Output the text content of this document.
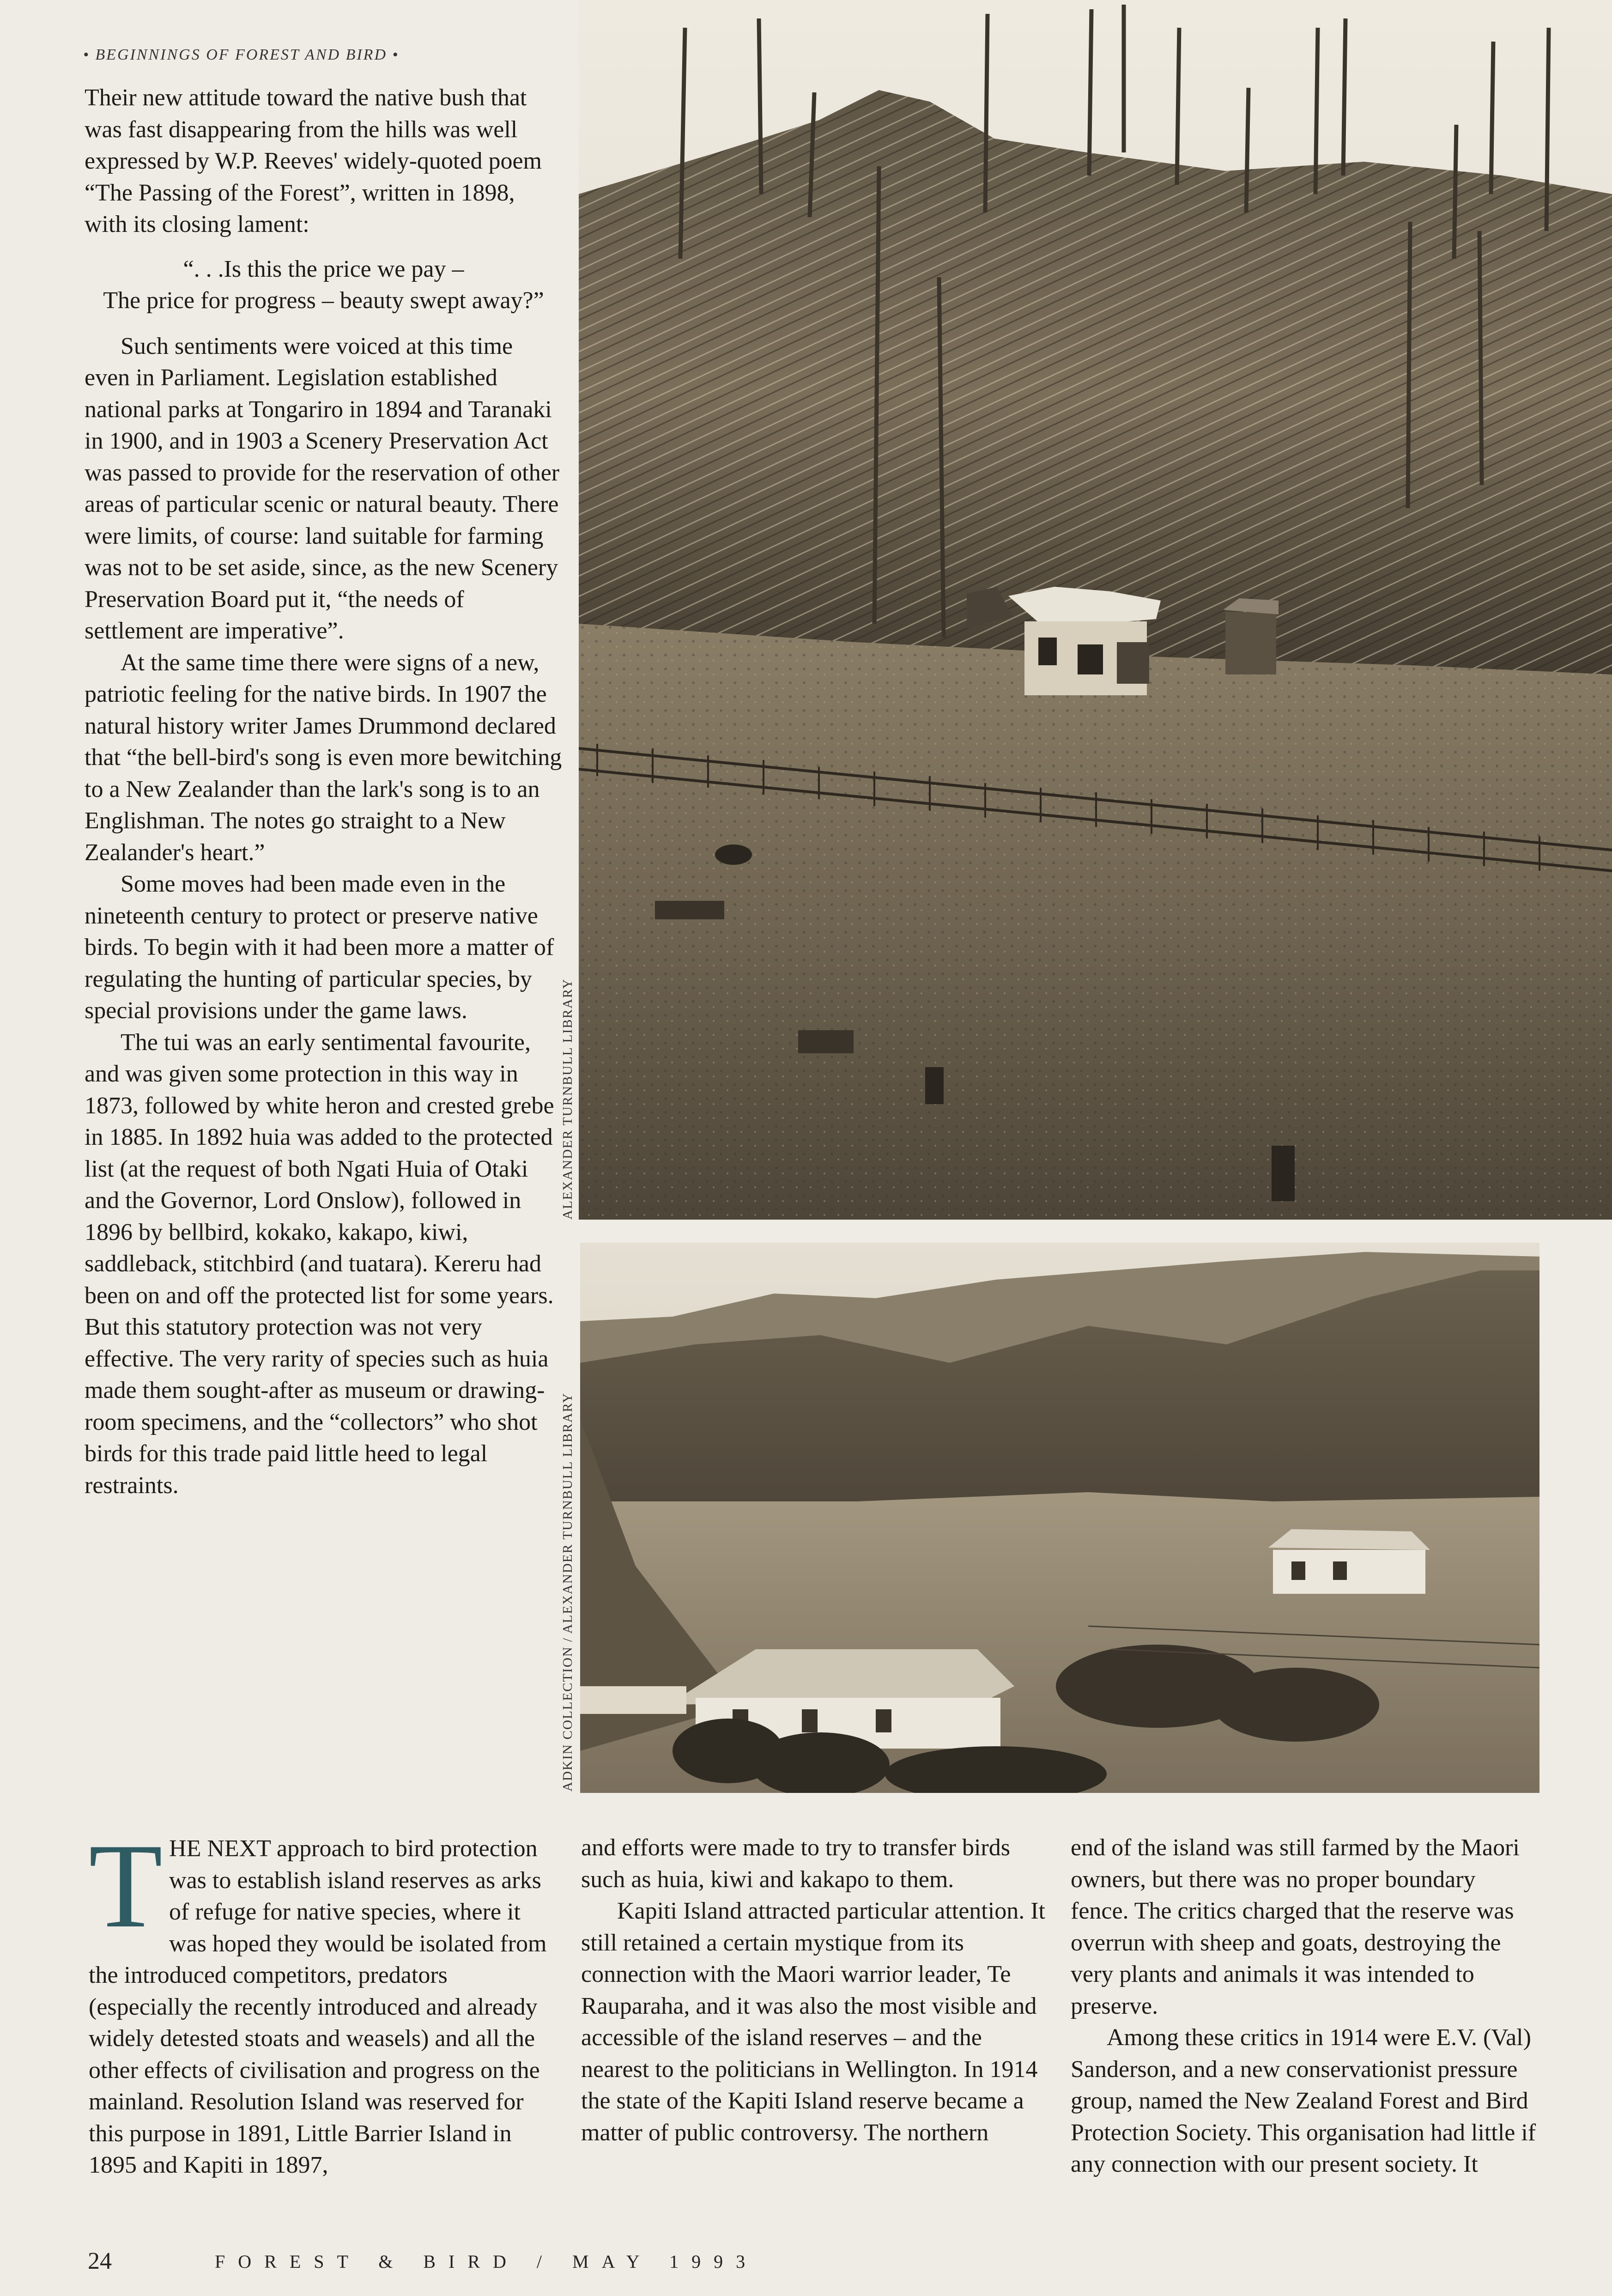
• BEGINNINGS OF FOREST AND BIRD •

Their new attitude toward the native bush that was fast disappearing from the hills was well expressed by W.P. Reeves' widely-quoted poem “The Passing of the Forest”, written in 1898, with its closing lament:

“. . .Is this the price we pay –
The price for progress – beauty swept away?”

Such sentiments were voiced at this time even in Parliament. Legislation established national parks at Tongariro in 1894 and Taranaki in 1900, and in 1903 a Scenery Preservation Act was passed to provide for the reservation of other areas of particular scenic or natural beauty. There were limits, of course: land suitable for farming was not to be set aside, since, as the new Scenery Preservation Board put it, “the needs of settlement are imperative”.

At the same time there were signs of a new, patriotic feeling for the native birds. In 1907 the natural history writer James Drummond declared that “the bell-bird's song is even more bewitching to a New Zealander than the lark's song is to an Englishman. The notes go straight to a New Zealander's heart.”

Some moves had been made even in the nineteenth century to protect or preserve native birds. To begin with it had been more a matter of regulating the hunting of particular species, by special provisions under the game laws.

The tui was an early sentimental favourite, and was given some protection in this way in 1873, followed by white heron and crested grebe in 1885. In 1892 huia was added to the protected list (at the request of both Ngati Huia of Otaki and the Governor, Lord Onslow), followed in 1896 by bellbird, kokako, kakapo, kiwi, saddleback, stitchbird (and tuatara). Kereru had been on and off the protected list for some years. But this statutory protection was not very effective. The very rarity of species such as huia made them sought-after as museum or drawing-room specimens, and the “collectors” who shot birds for this trade paid little heed to legal restraints.

ALEXANDER TURNBULL LIBRARY
ADKIN COLLECTION / ALEXANDER TURNBULL LIBRARY

THE NEXT approach to bird protection was to establish island reserves as arks of refuge for native species, where it was hoped they would be isolated from the introduced competitors, predators (especially the recently introduced and already widely detested stoats and weasels) and all the other effects of civilisation and progress on the mainland. Resolution Island was reserved for this purpose in 1891, Little Barrier Island in 1895 and Kapiti in 1897,

and efforts were made to try to transfer birds such as huia, kiwi and kakapo to them.

Kapiti Island attracted particular attention. It still retained a certain mystique from its connection with the Maori warrior leader, Te Rauparaha, and it was also the most visible and accessible of the island reserves – and the nearest to the politicians in Wellington. In 1914 the state of the Kapiti Island reserve became a matter of public controversy. The northern

end of the island was still farmed by the Maori owners, but there was no proper boundary fence. The critics charged that the reserve was overrun with sheep and goats, destroying the very plants and animals it was intended to preserve.

Among these critics in 1914 were E.V. (Val) Sanderson, and a new conservationist pressure group, named the New Zealand Forest and Bird Protection Society. This organisation had little if any connection with our present society. It

24	FOREST & BIRD / MAY 1993
